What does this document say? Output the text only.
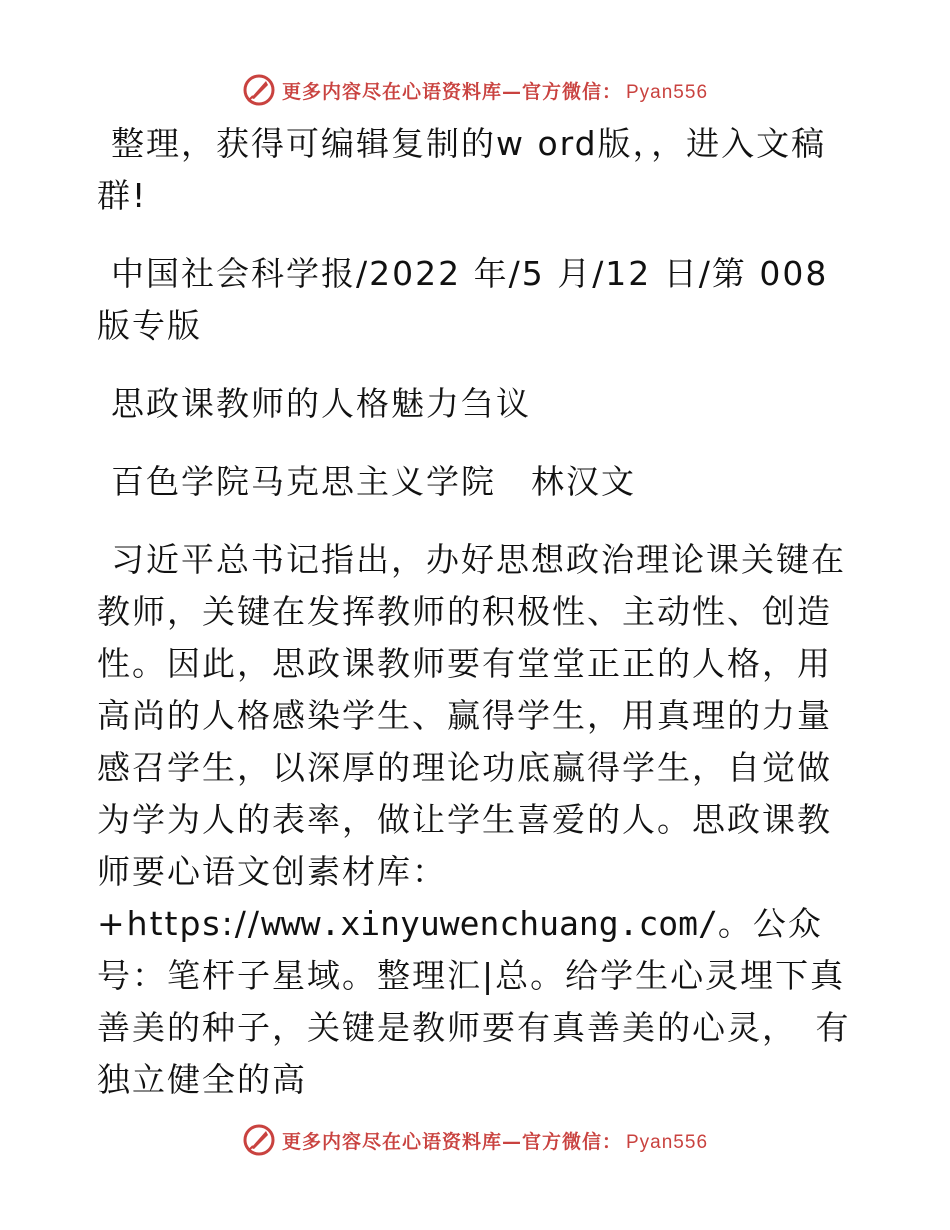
更多内容尽在心语资料库—官方微信： Pyan556

整理，获得可编辑复制的w ord版，，进入文稿群!

中国社会科学报/2022 年/5 月/12 日/第 008 版专版

思政课教师的人格魅力刍议

百色学院马克思主义学院　林汉文

习近平总书记指出，办好思想政治理论课关键在教师，关键在发挥教师的积极性、主动性、创造性。因此，思政课教师要有堂堂正正的人格，用高尚的人格感染学生、赢得学生，用真理的力量感召学生，以深厚的理论功底赢得学生，自觉做为学为人的表率，做让学生喜爱的人。思政课教师要心语文创素材库：+https://www.xinyuwenchuang.com/。公众号：笔杆子星域。整理汇|总。给学生心灵埋下真善美的种子，关键是教师要有真善美的心灵，　有独立健全的高

更多内容尽在心语资料库—官方微信： Pyan556
